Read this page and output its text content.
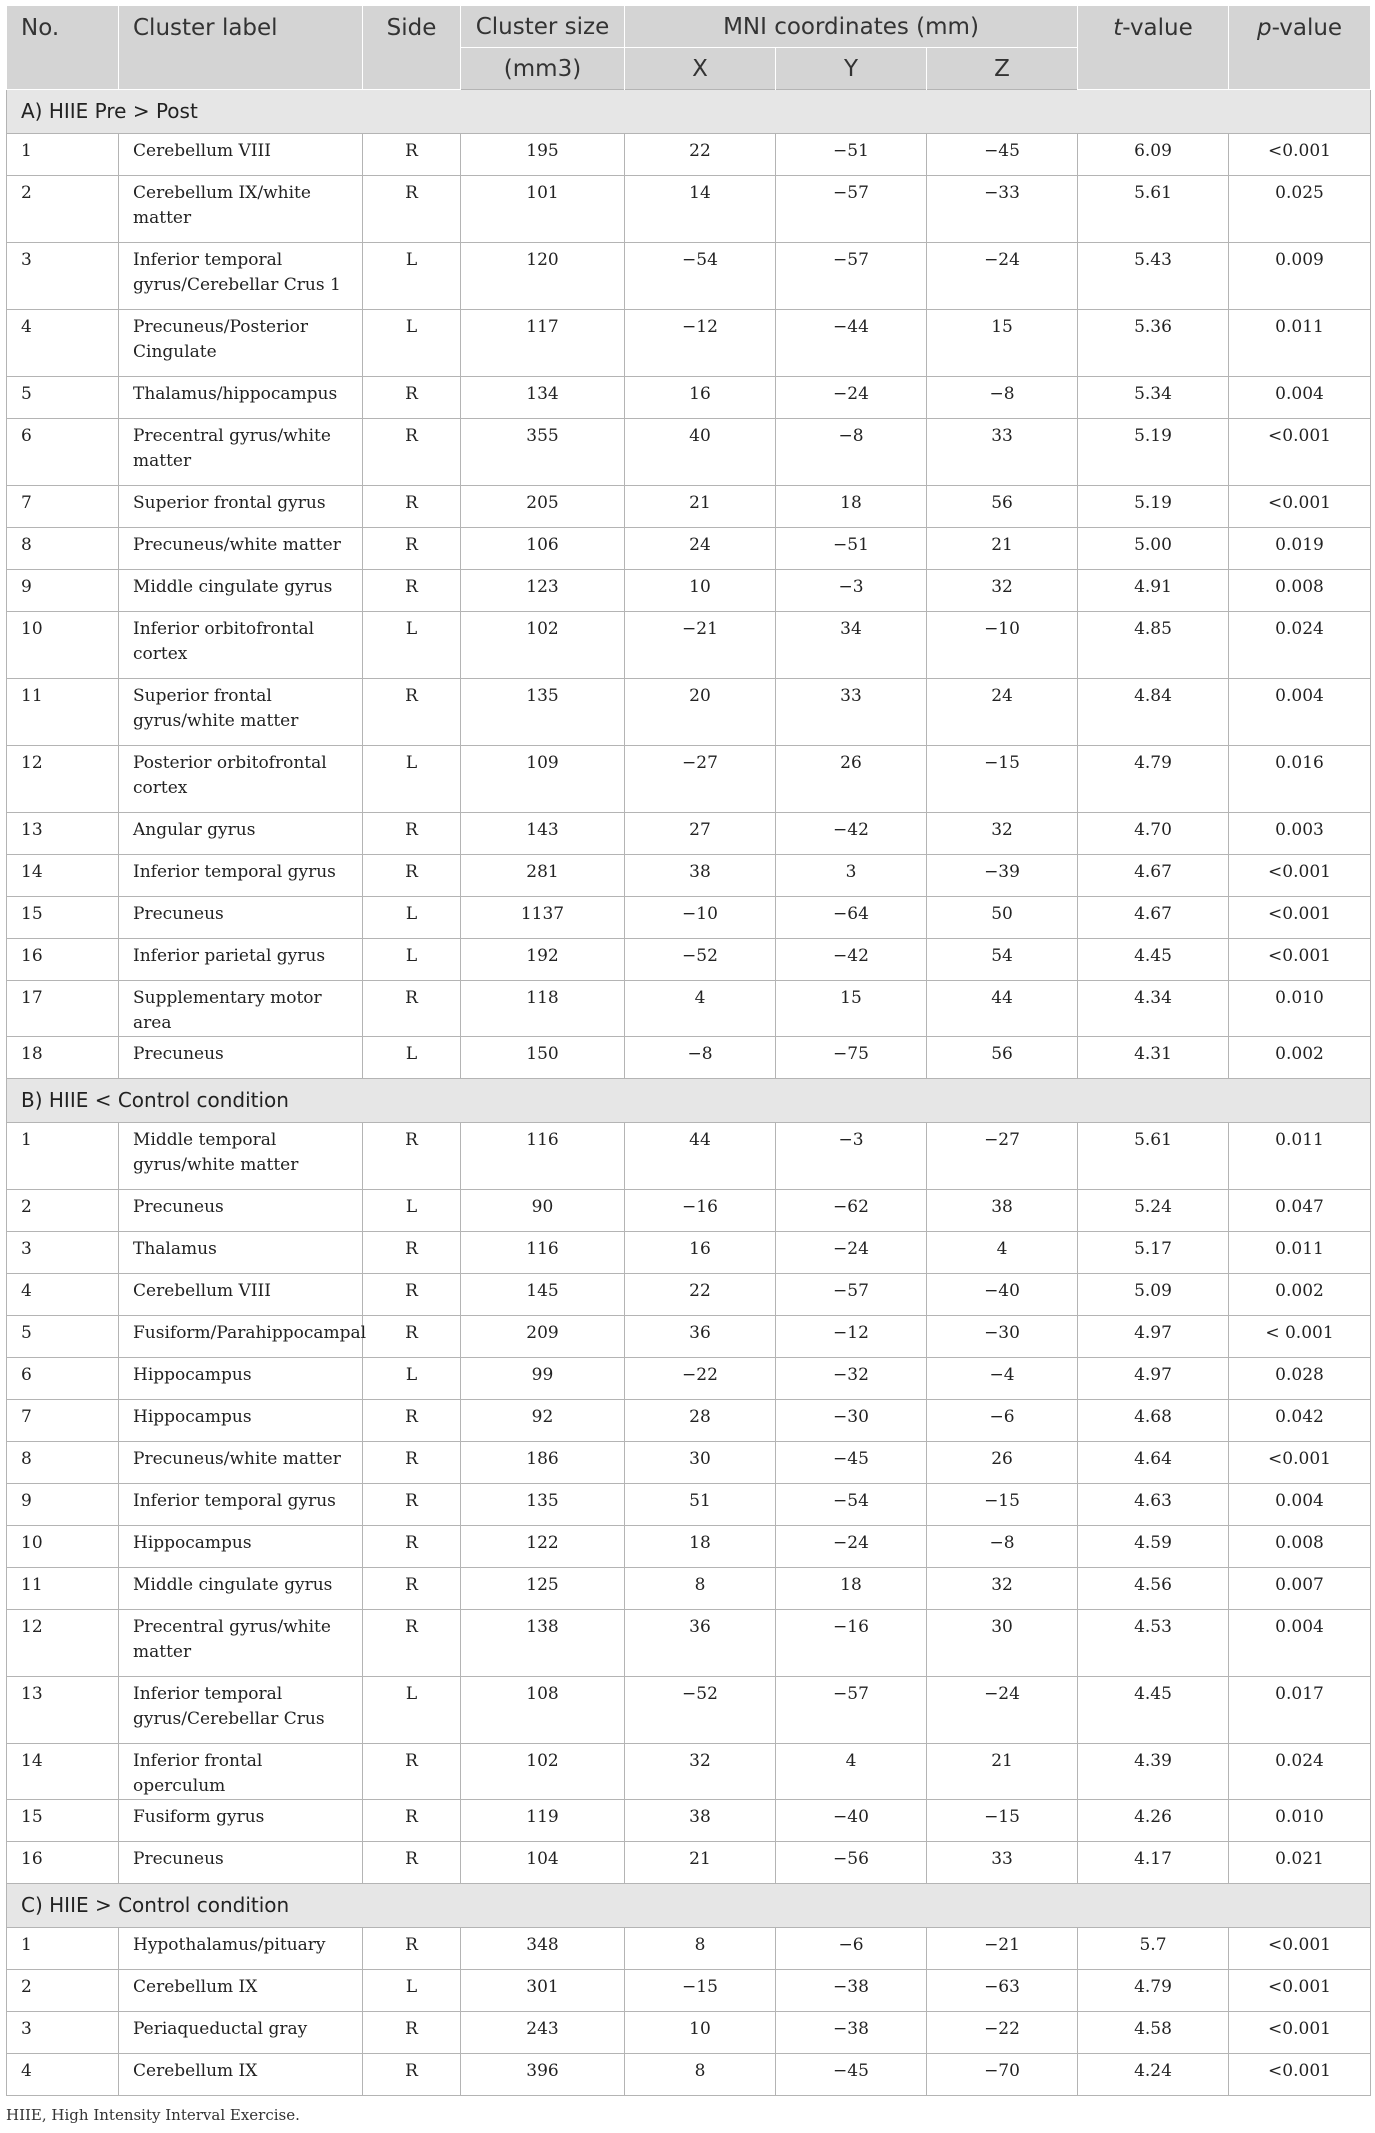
No.	Cluster label	Side	Cluster size	MNI coordinates (mm)			t-value	p-value
			(mm3)	X	Y	Z		
A) HIIE Pre > Post								
1	Cerebellum VIII	R	195	22	−51	−45	6.09	<0.001
2	Cerebellum IX/white matter	R	101	14	−57	−33	5.61	0.025
3	Inferior temporal gyrus/Cerebellar Crus 1	L	120	−54	−57	−24	5.43	0.009
4	Precuneus/Posterior Cingulate	L	117	−12	−44	15	5.36	0.011
5	Thalamus/hippocampus	R	134	16	−24	−8	5.34	0.004
6	Precentral gyrus/white matter	R	355	40	−8	33	5.19	<0.001
7	Superior frontal gyrus	R	205	21	18	56	5.19	<0.001
8	Precuneus/white matter	R	106	24	−51	21	5.00	0.019
9	Middle cingulate gyrus	R	123	10	−3	32	4.91	0.008
10	Inferior orbitofrontal cortex	L	102	−21	34	−10	4.85	0.024
11	Superior frontal gyrus/white matter	R	135	20	33	24	4.84	0.004
12	Posterior orbitofrontal cortex	L	109	−27	26	−15	4.79	0.016
13	Angular gyrus	R	143	27	−42	32	4.70	0.003
14	Inferior temporal gyrus	R	281	38	3	−39	4.67	<0.001
15	Precuneus	L	1137	−10	−64	50	4.67	<0.001
16	Inferior parietal gyrus	L	192	−52	−42	54	4.45	<0.001
17	Supplementary motor area	R	118	4	15	44	4.34	0.010
18	Precuneus	L	150	−8	−75	56	4.31	0.002
B) HIIE < Control condition								
1	Middle temporal gyrus/white matter	R	116	44	−3	−27	5.61	0.011
2	Precuneus	L	90	−16	−62	38	5.24	0.047
3	Thalamus	R	116	16	−24	4	5.17	0.011
4	Cerebellum VIII	R	145	22	−57	−40	5.09	0.002
5	Fusiform/Parahippocampal	R	209	36	−12	−30	4.97	< 0.001
6	Hippocampus	L	99	−22	−32	−4	4.97	0.028
7	Hippocampus	R	92	28	−30	−6	4.68	0.042
8	Precuneus/white matter	R	186	30	−45	26	4.64	<0.001
9	Inferior temporal gyrus	R	135	51	−54	−15	4.63	0.004
10	Hippocampus	R	122	18	−24	−8	4.59	0.008
11	Middle cingulate gyrus	R	125	8	18	32	4.56	0.007
12	Precentral gyrus/white matter	R	138	36	−16	30	4.53	0.004
13	Inferior temporal gyrus/Cerebellar Crus	L	108	−52	−57	−24	4.45	0.017
14	Inferior frontal operculum	R	102	32	4	21	4.39	0.024
15	Fusiform gyrus	R	119	38	−40	−15	4.26	0.010
16	Precuneus	R	104	21	−56	33	4.17	0.021
C) HIIE > Control condition								
1	Hypothalamus/pituary	R	348	8	−6	−21	5.7	<0.001
2	Cerebellum IX	L	301	−15	−38	−63	4.79	<0.001
3	Periaqueductal gray	R	243	10	−38	−22	4.58	<0.001
4	Cerebellum IX	R	396	8	−45	−70	4.24	<0.001
HIIE, High Intensity Interval Exercise.
